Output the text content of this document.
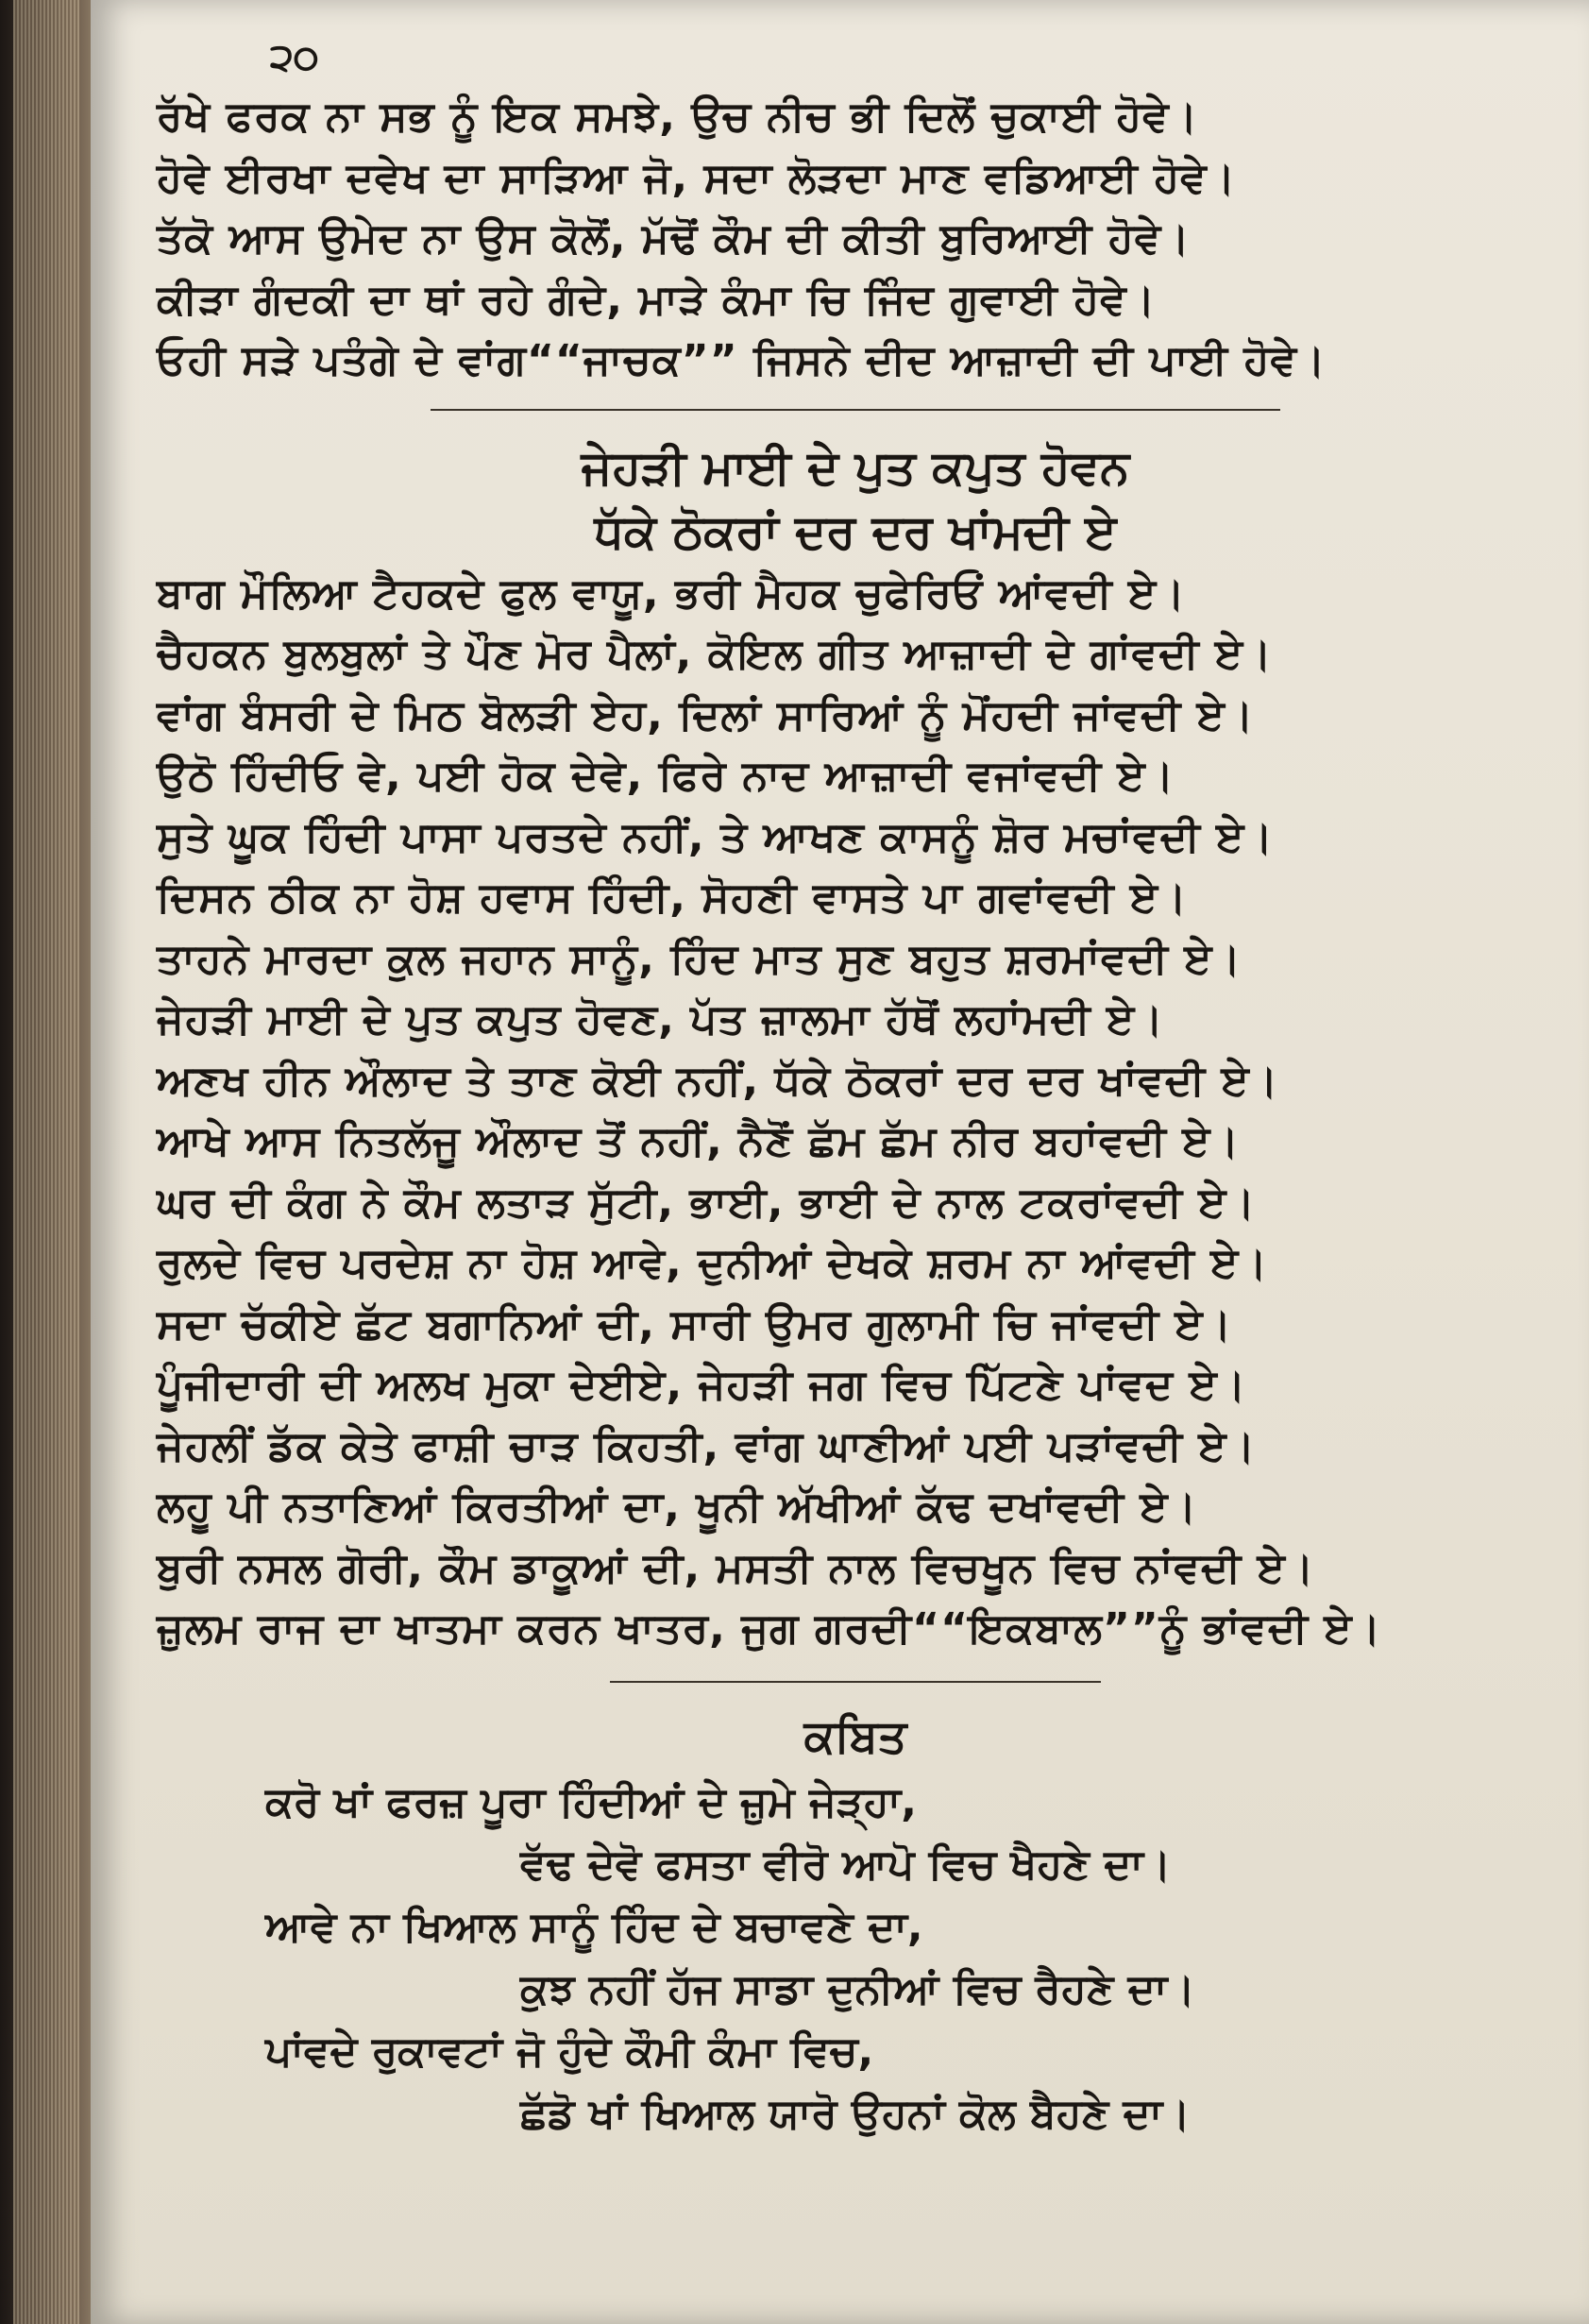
੨੦
ਰੱਖੇ ਫਰਕ ਨਾ ਸਭ ਨੂੰ ਇਕ ਸਮਝੇ, ਉਚ ਨੀਚ ਭੀ ਦਿਲੋਂ ਚੁਕਾਈ ਹੋਵੇ।
ਹੋਵੇ ਈਰਖਾ ਦਵੇਖ ਦਾ ਸਾੜਿਆ ਜੋ, ਸਦਾ ਲੋੜਦਾ ਮਾਣ ਵਡਿਆਈ ਹੋਵੇ।
ਤੱਕੋ ਆਸ ਉਮੇਦ ਨਾ ਉਸ ਕੋਲੋਂ, ਮੱਢੋਂ ਕੌਮ ਦੀ ਕੀਤੀ ਬੁਰਿਆਈ ਹੋਵੇ।
ਕੀੜਾ ਗੰਦਕੀ ਦਾ ਥਾਂ ਰਹੇ ਗੰਦੇ, ਮਾੜੇ ਕੰਮਾ ਚਿ ਜਿੰਦ ਗੁਵਾਈ ਹੋਵੇ।
ਓਹੀ ਸੜੇ ਪਤੰਗੇ ਦੇ ਵਾਂਗ““ਜਾਚਕ”” ਜਿਸਨੇ ਦੀਦ ਆਜ਼ਾਦੀ ਦੀ ਪਾਈ ਹੋਵੇ।
ਜੇਹੜੀ ਮਾਈ ਦੇ ਪੁਤ ਕਪੁਤ ਹੋਵਨ
ਧੱਕੇ ਠੋਕਰਾਂ ਦਰ ਦਰ ਖਾਂਮਦੀ ਏ
ਬਾਗ ਮੌਲਿਆ ਟੈਹਕਦੇ ਫੁਲ ਵਾਯੂ, ਭਰੀ ਮੈਹਕ ਚੁਫੇਰਿਓਂ ਆਂਵਦੀ ਏ।
ਚੈਹਕਨ ਬੁਲਬੁਲਾਂ ਤੇ ਪੌਣ ਮੋਰ ਪੈਲਾਂ, ਕੋਇਲ ਗੀਤ ਆਜ਼ਾਦੀ ਦੇ ਗਾਂਵਦੀ ਏ।
ਵਾਂਗ ਬੰਸਰੀ ਦੇ ਮਿਠ ਬੋਲੜੀ ਏਹ, ਦਿਲਾਂ ਸਾਰਿਆਂ ਨੂੰ ਮੋਂਹਦੀ ਜਾਂਵਦੀ ਏ।
ਉਠੋ ਹਿੰਦੀਓ ਵੇ, ਪਈ ਹੋਕ ਦੇਵੇ, ਫਿਰੇ ਨਾਦ ਆਜ਼ਾਦੀ ਵਜਾਂਵਦੀ ਏ।
ਸੁਤੇ ਘੂਕ ਹਿੰਦੀ ਪਾਸਾ ਪਰਤਦੇ ਨਹੀਂ, ਤੇ ਆਖਣ ਕਾਸਨੂੰ ਸ਼ੋਰ ਮਚਾਂਵਦੀ ਏ।
ਦਿਸਨ ਠੀਕ ਨਾ ਹੋਸ਼ ਹਵਾਸ ਹਿੰਦੀ, ਸੋਹਣੀ ਵਾਸਤੇ ਪਾ ਗਵਾਂਵਦੀ ਏ।
ਤਾਹਨੇ ਮਾਰਦਾ ਕੁਲ ਜਹਾਨ ਸਾਨੂੰ, ਹਿੰਦ ਮਾਤ ਸੁਣ ਬਹੁਤ ਸ਼ਰਮਾਂਵਦੀ ਏ।
ਜੇਹੜੀ ਮਾਈ ਦੇ ਪੁਤ ਕਪੁਤ ਹੋਵਣ, ਪੱਤ ਜ਼ਾਲਮਾ ਹੱਥੋਂ ਲਹਾਂਮਦੀ ਏ।
ਅਣਖ ਹੀਨ ਔਲਾਦ ਤੇ ਤਾਣ ਕੋਈ ਨਹੀਂ, ਧੱਕੇ ਠੋਕਰਾਂ ਦਰ ਦਰ ਖਾਂਵਦੀ ਏ।
ਆਖੇ ਆਸ ਨਿਤਲੱਜੂ ਔਲਾਦ ਤੋਂ ਨਹੀਂ, ਨੈਣੋਂ ਛੱਮ ਛੱਮ ਨੀਰ ਬਹਾਂਵਦੀ ਏ।
ਘਰ ਦੀ ਕੰਗ ਨੇ ਕੌਮ ਲਤਾੜ ਸੁੱਟੀ, ਭਾਈ, ਭਾਈ ਦੇ ਨਾਲ ਟਕਰਾਂਵਦੀ ਏ।
ਰੁਲਦੇ ਵਿਚ ਪਰਦੇਸ਼ ਨਾ ਹੋਸ਼ ਆਵੇ, ਦੁਨੀਆਂ ਦੇਖਕੇ ਸ਼ਰਮ ਨਾ ਆਂਵਦੀ ਏ।
ਸਦਾ ਚੱਕੀਏ ਛੱਟ ਬਗਾਨਿਆਂ ਦੀ, ਸਾਰੀ ਉਮਰ ਗੁਲਾਮੀ ਚਿ ਜਾਂਵਦੀ ਏ।
ਪੂੰਜੀਦਾਰੀ ਦੀ ਅਲਖ ਮੁਕਾ ਦੇਈਏ, ਜੇਹੜੀ ਜਗ ਵਿਚ ਪਿੱਟਣੇ ਪਾਂਵਦ ਏ।
ਜੇਹਲੀਂ ਡੱਕ ਕੇਤੇ ਫਾਸ਼ੀ ਚਾੜ ਕਿਹਤੀ, ਵਾਂਗ ਘਾਣੀਆਂ ਪਈ ਪੜਾਂਵਦੀ ਏ।
ਲਹੂ ਪੀ ਨਤਾਣਿਆਂ ਕਿਰਤੀਆਂ ਦਾ, ਖੂਨੀ ਅੱਖੀਆਂ ਕੱਢ ਦਖਾਂਵਦੀ ਏ।
ਬੁਰੀ ਨਸਲ ਗੋਰੀ, ਕੌਮ ਡਾਕੂਆਂ ਦੀ, ਮਸਤੀ ਨਾਲ ਵਿਚਖੂਨ ਵਿਚ ਨਾਂਵਦੀ ਏ।
ਜ਼ੁਲਮ ਰਾਜ ਦਾ ਖਾਤਮਾ ਕਰਨ ਖਾਤਰ, ਜੁਗ ਗਰਦੀ““ਇਕਬਾਲ””ਨੂੰ ਭਾਂਵਦੀ ਏ।
ਕਬਿਤ
ਕਰੋ ਖਾਂ ਫਰਜ਼ ਪੂਰਾ ਹਿੰਦੀਆਂ ਦੇ ਜ਼ੁਮੇ ਜੇੜ੍ਹਾ,
ਵੱਢ ਦੇਵੋ ਫਸਤਾ ਵੀਰੋ ਆਪੋ ਵਿਚ ਖੈਹਣੇ ਦਾ।
ਆਵੇ ਨਾ ਖਿਆਲ ਸਾਨੂੰ ਹਿੰਦ ਦੇ ਬਚਾਵਣੇ ਦਾ,
ਕੁਝ ਨਹੀਂ ਹੱਜ ਸਾਡਾ ਦੁਨੀਆਂ ਵਿਚ ਰੈਹਣੇ ਦਾ।
ਪਾਂਵਦੇ ਰੁਕਾਵਟਾਂ ਜੋ ਹੁੰਦੇ ਕੌਮੀ ਕੰਮਾ ਵਿਚ,
ਛੱਡੋ ਖਾਂ ਖਿਆਲ ਯਾਰੋ ਉਹਨਾਂ ਕੋਲ ਬੈਹਣੇ ਦਾ।
